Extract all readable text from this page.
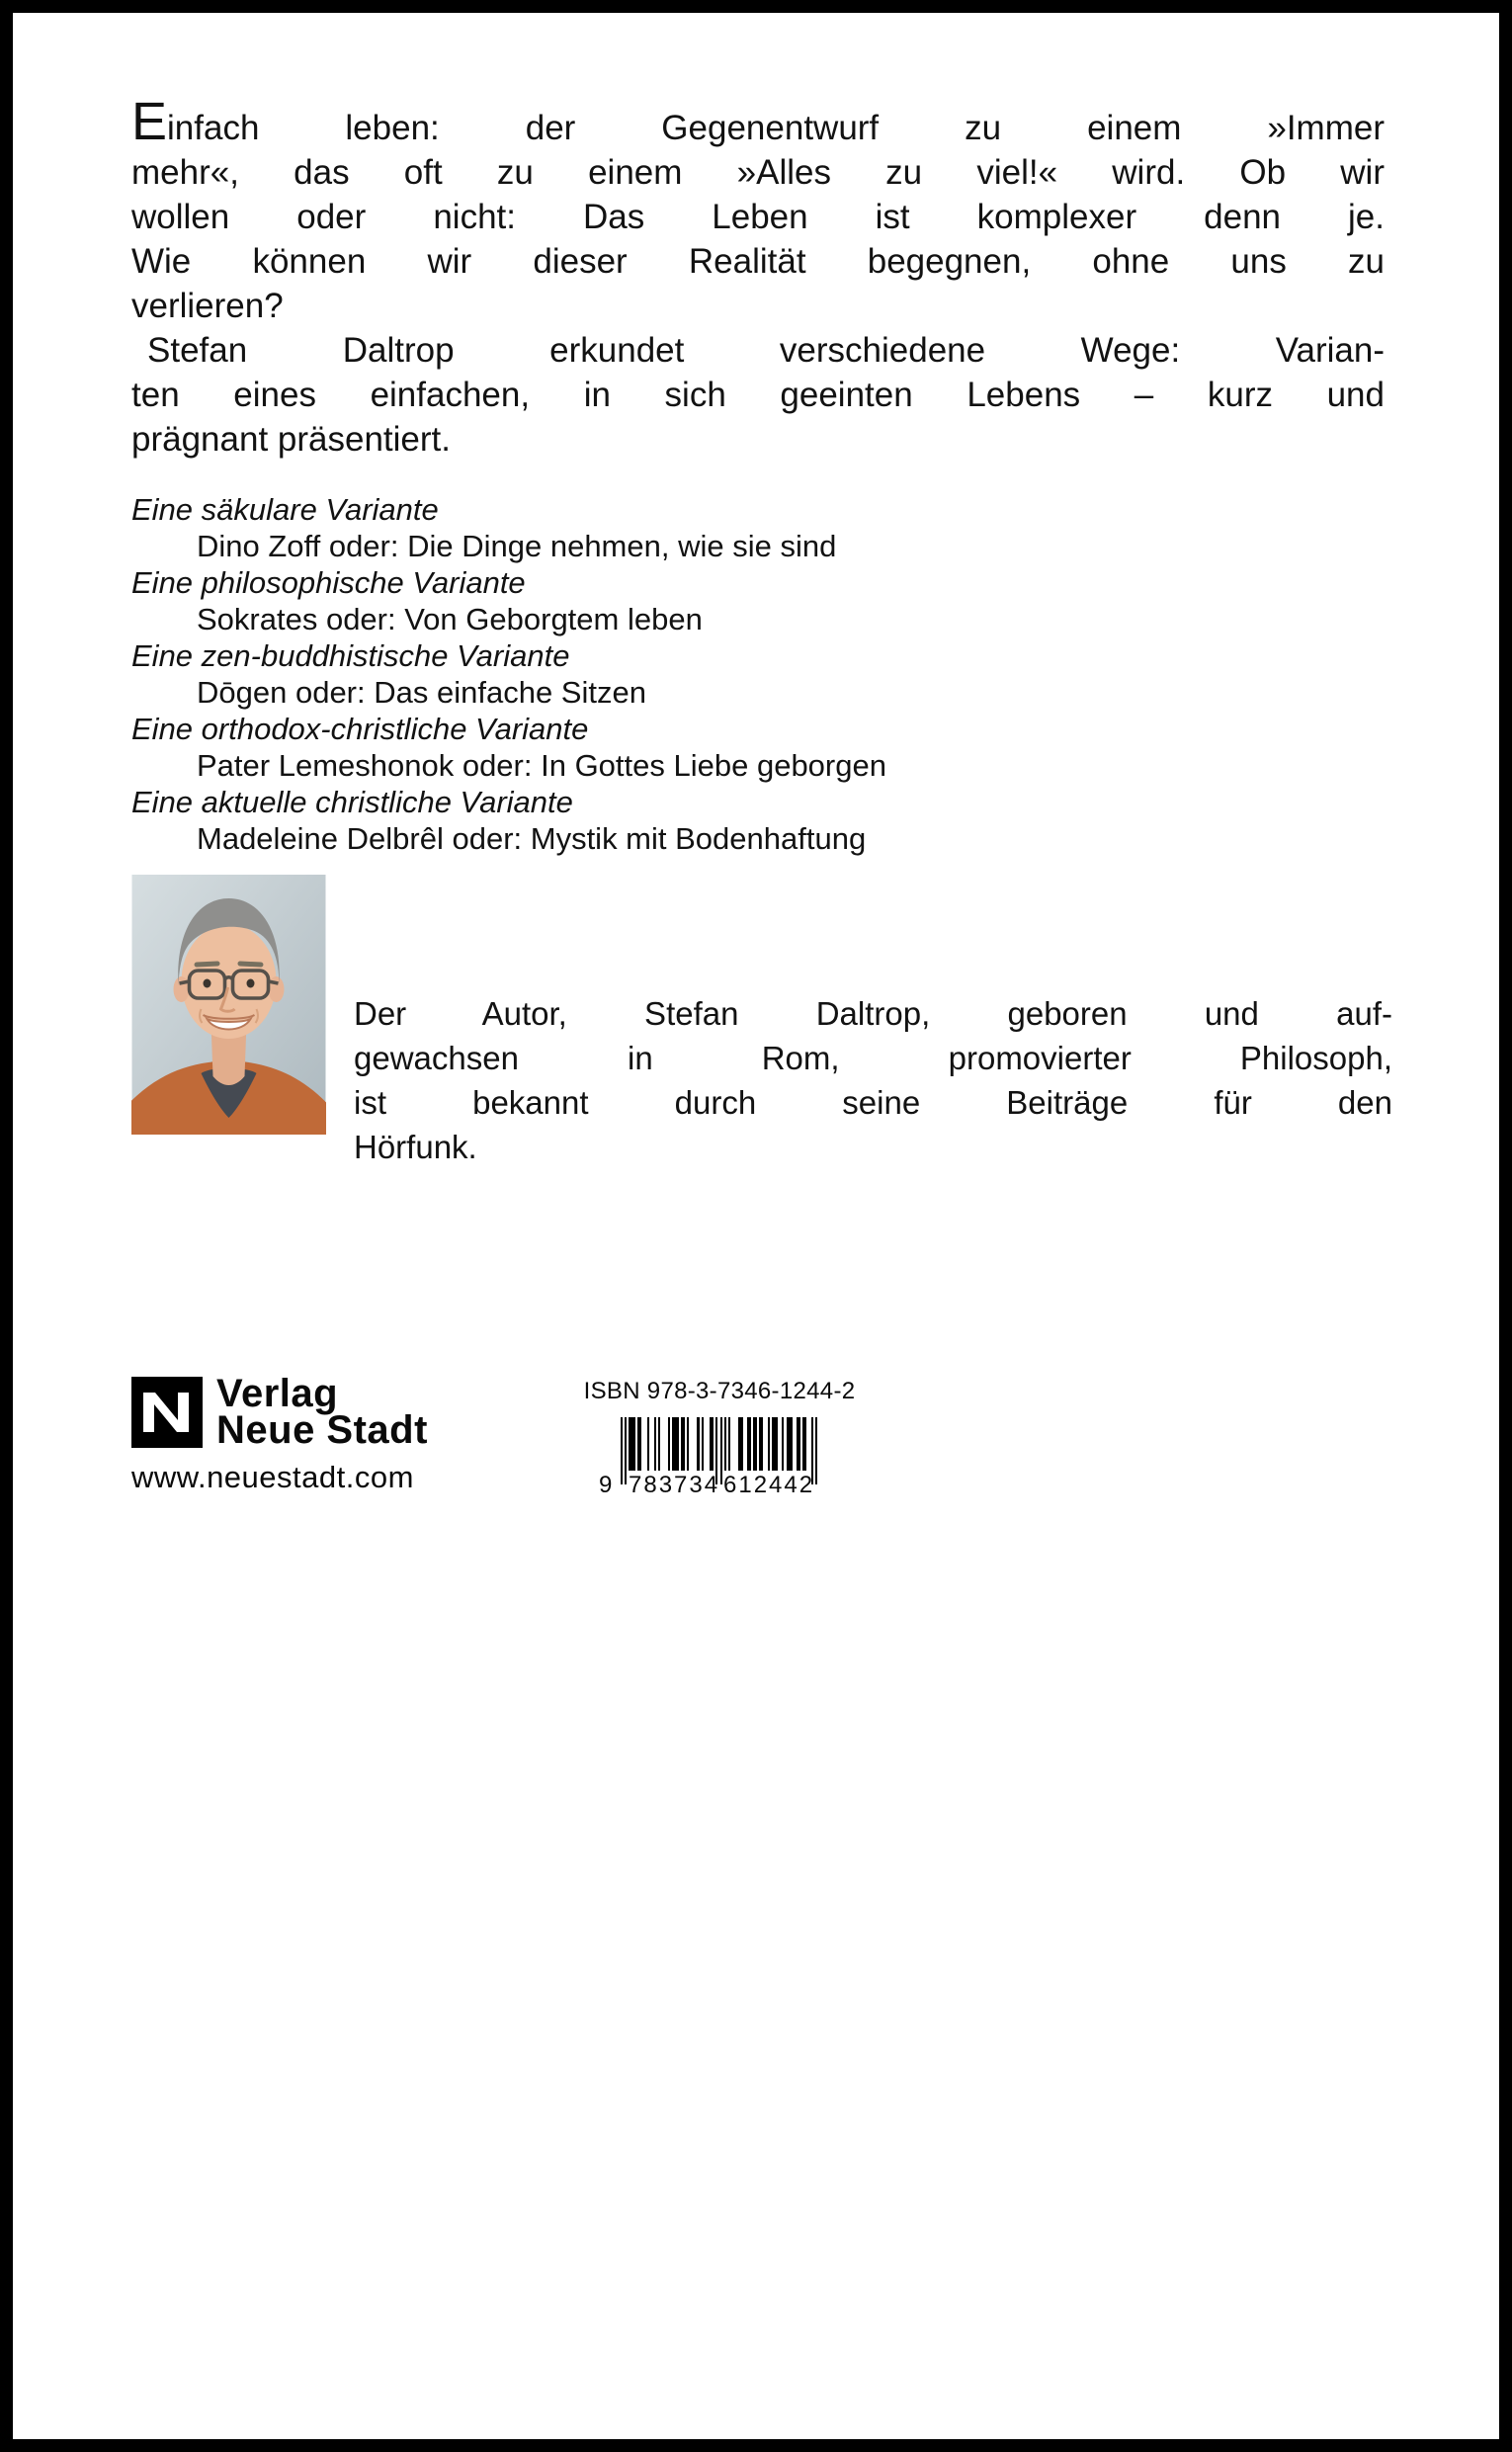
Einfach leben: der Gegenentwurf zu einem »Immer
mehr«, das oft zu einem »Alles zu viel!« wird. Ob wir
wollen oder nicht: Das Leben ist komplexer denn je.
Wie können wir dieser Realität begegnen, ohne uns zu
verlieren?
Stefan Daltrop erkundet verschiedene Wege: Varian-
ten eines einfachen, in sich geeinten Lebens – kurz und
prägnant präsentiert.
Eine säkulare Variante
Dino Zoff oder: Die Dinge nehmen, wie sie sind
Eine philosophische Variante
Sokrates oder: Von Geborgtem leben
Eine zen-buddhistische Variante
Dōgen oder: Das einfache Sitzen
Eine orthodox-christliche Variante
Pater Lemeshonok oder: In Gottes Liebe geborgen
Eine aktuelle christliche Variante
Madeleine Delbrêl oder: Mystik mit Bodenhaftung
Der Autor, Stefan Daltrop, geboren und auf-
gewachsen in Rom, promovierter Philosoph,
ist bekannt durch seine Beiträge für den
Hörfunk.
Verlag
Neue Stadt
www.neuestadt.com
ISBN 978-3-7346-1244-2
9 783734 612442
